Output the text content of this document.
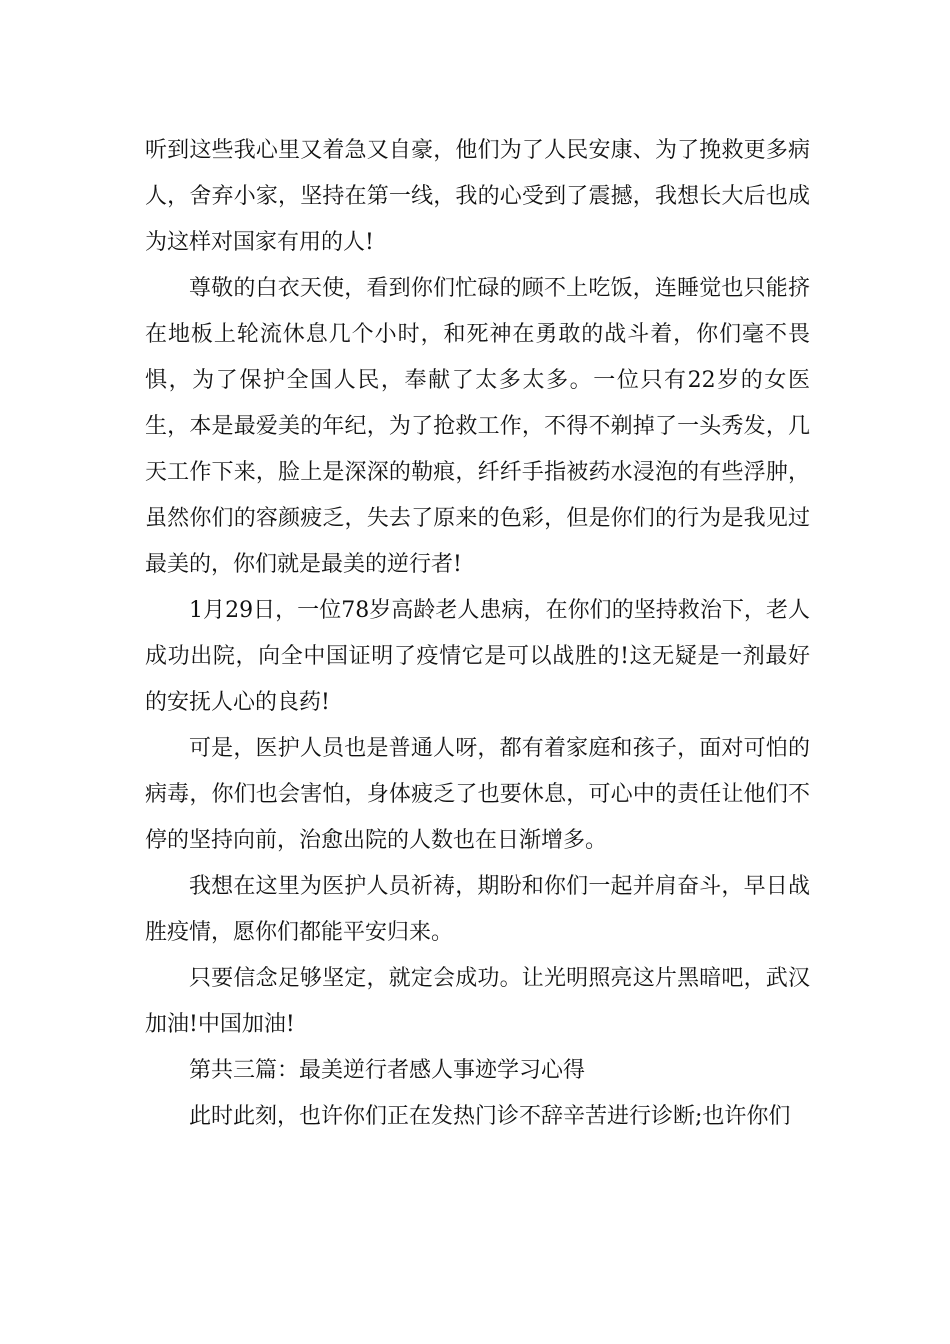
听到这些我心里又着急又自豪，他们为了人民安康、为了挽救更多病人，舍弃小家，坚持在第一线，我的心受到了震撼，我想长大后也成为这样对国家有用的人!

尊敬的白衣天使，看到你们忙碌的顾不上吃饭，连睡觉也只能挤在地板上轮流休息几个小时，和死神在勇敢的战斗着，你们毫不畏惧，为了保护全国人民，奉献了太多太多。一位只有22岁的女医生，本是最爱美的年纪，为了抢救工作，不得不剃掉了一头秀发，几天工作下来，脸上是深深的勒痕，纤纤手指被药水浸泡的有些浮肿，虽然你们的容颜疲乏，失去了原来的色彩，但是你们的行为是我见过最美的，你们就是最美的逆行者!

1月29日，一位78岁高龄老人患病，在你们的坚持救治下，老人成功出院，向全中国证明了疫情它是可以战胜的!这无疑是一剂最好的安抚人心的良药!

可是，医护人员也是普通人呀，都有着家庭和孩子，面对可怕的病毒，你们也会害怕，身体疲乏了也要休息，可心中的责任让他们不停的坚持向前，治愈出院的人数也在日渐增多。

我想在这里为医护人员祈祷，期盼和你们一起并肩奋斗，早日战胜疫情，愿你们都能平安归来。

只要信念足够坚定，就定会成功。让光明照亮这片黑暗吧，武汉加油!中国加油!

第共三篇：最美逆行者感人事迹学习心得

此时此刻，也许你们正在发热门诊不辞辛苦进行诊断;也许你们
